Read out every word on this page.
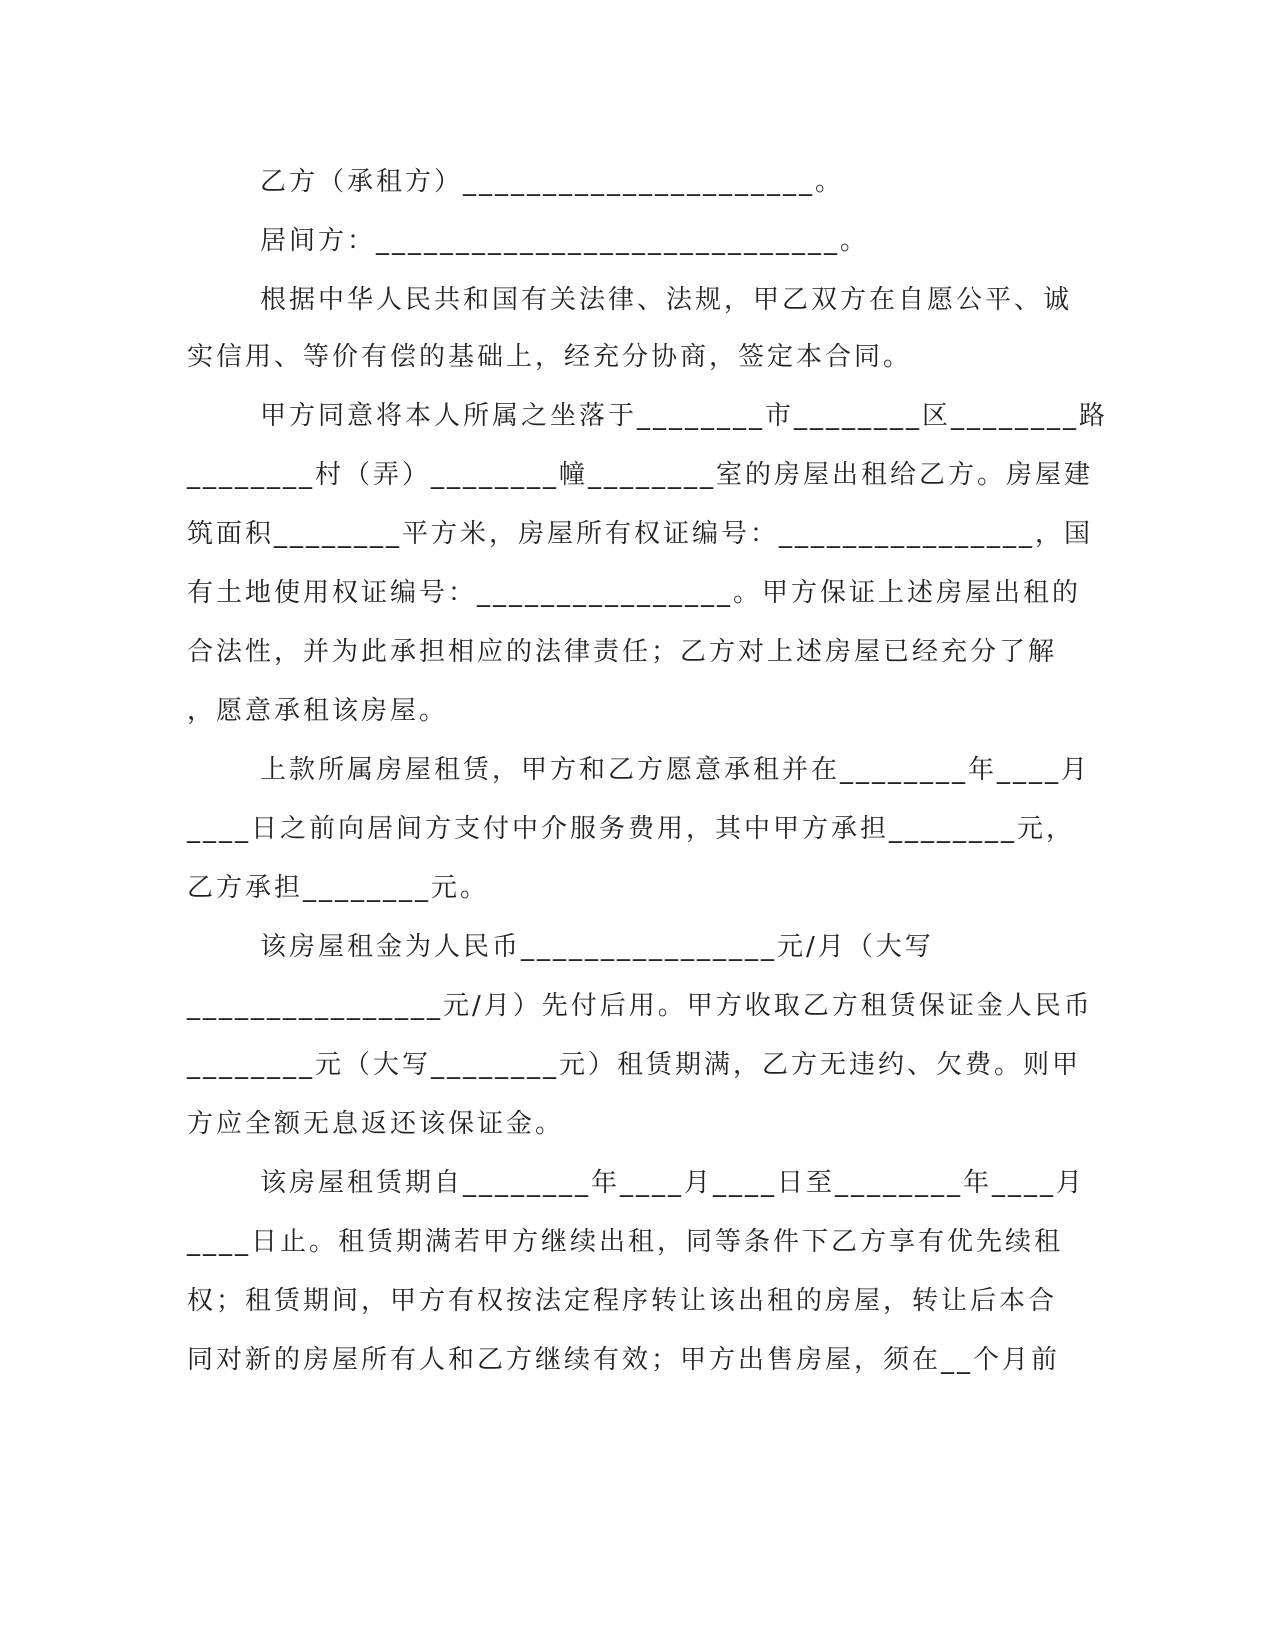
乙方（承租方）______________________。
居间方：_____________________________。
根据中华人民共和国有关法律、法规，甲乙双方在自愿公平、诚
实信用、等价有偿的基础上，经充分协商，签定本合同。
甲方同意将本人所属之坐落于________市________区________路
________村（弄）________幢________室的房屋出租给乙方。房屋建
筑面积________平方米，房屋所有权证编号：________________，国
有土地使用权证编号：________________。甲方保证上述房屋出租的
合法性，并为此承担相应的法律责任；乙方对上述房屋已经充分了解
，愿意承租该房屋。
上款所属房屋租赁，甲方和乙方愿意承租并在________年____月
____日之前向居间方支付中介服务费用，其中甲方承担________元，
乙方承担________元。
该房屋租金为人民币________________元/月（大写
________________元/月）先付后用。甲方收取乙方租赁保证金人民币
________元（大写________元）租赁期满，乙方无违约、欠费。则甲
方应全额无息返还该保证金。
该房屋租赁期自________年____月____日至________年____月
____日止。租赁期满若甲方继续出租，同等条件下乙方享有优先续租
权；租赁期间，甲方有权按法定程序转让该出租的房屋，转让后本合
同对新的房屋所有人和乙方继续有效；甲方出售房屋，须在__个月前
